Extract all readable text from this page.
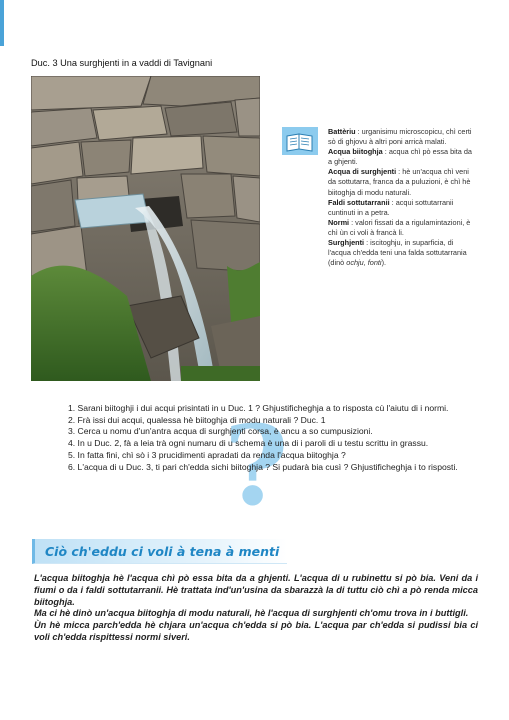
Duc. 3 Una surghjenti in a vaddi di Tavignani

Battèriu : urganisimu microscopicu, chì certi sò di ghjovu à altri poni arricà malati.

Acqua biitoghja : acqua chì pò essa bita da a ghjenti.

Acqua di surghjenti : hè un'acqua chì veni da sottutarra, franca da a puluzioni, è chì hè biitoghja di modu naturali.

Faldi sottutarranii : acqui sottutarranii cuntinuti in a petra.

Normi : valori fissati da a rigulamintazioni, è chì ùn ci voli à francà li.

Surghjenti : iscitoghju, in suparficia, di l'acqua ch'edda teni una falda sottutarrania (dinò ochju, fonti).

?

1. Sarani biitoghji i dui acqui prisintati in u Duc. 1 ? Ghjustificheghja a to risposta cù l'aiutu di i normi.

2. Frà issi dui acqui, qualessa hè biitoghja di modu naturali ? Duc. 1

3. Cerca u nomu d'un'antra acqua di surghjenti corsa, è ancu a so cumpusizioni.

4. In u Duc. 2, fà a leia trà ogni numaru di u schema è una di i paroli di u testu scrittu in grassu.

5. In fatta fini, chì sò i 3 prucidimenti apradati da renda l'acqua biitoghja ?

6. L'acqua di u Duc. 3, ti pari ch'edda sichi biitoghja ? Si pudarà bia cusì ? Ghjustificheghja i to risposti.

Ciò ch'eddu ci voli à tena à menti

L'acqua biitoghja hè l'acqua chì pò essa bita da a ghjenti. L'acqua di u rubinettu si pò bia. Veni da i fiumi o da i faldi sottutarranii. Hè trattata ind'un'usina da sbarazzà la di tuttu ciò chì a pò renda micca biitoghja.

Ma ci hè dinò un'acqua biitoghja di modu naturali, hè l'acqua di surghjenti ch'omu trova in i buttigli.

Ùn hè micca parch'edda hè chjara un'acqua ch'edda si pò bia. L'acqua par ch'edda si pudissi bia ci voli ch'edda rispittessi normi siveri.
